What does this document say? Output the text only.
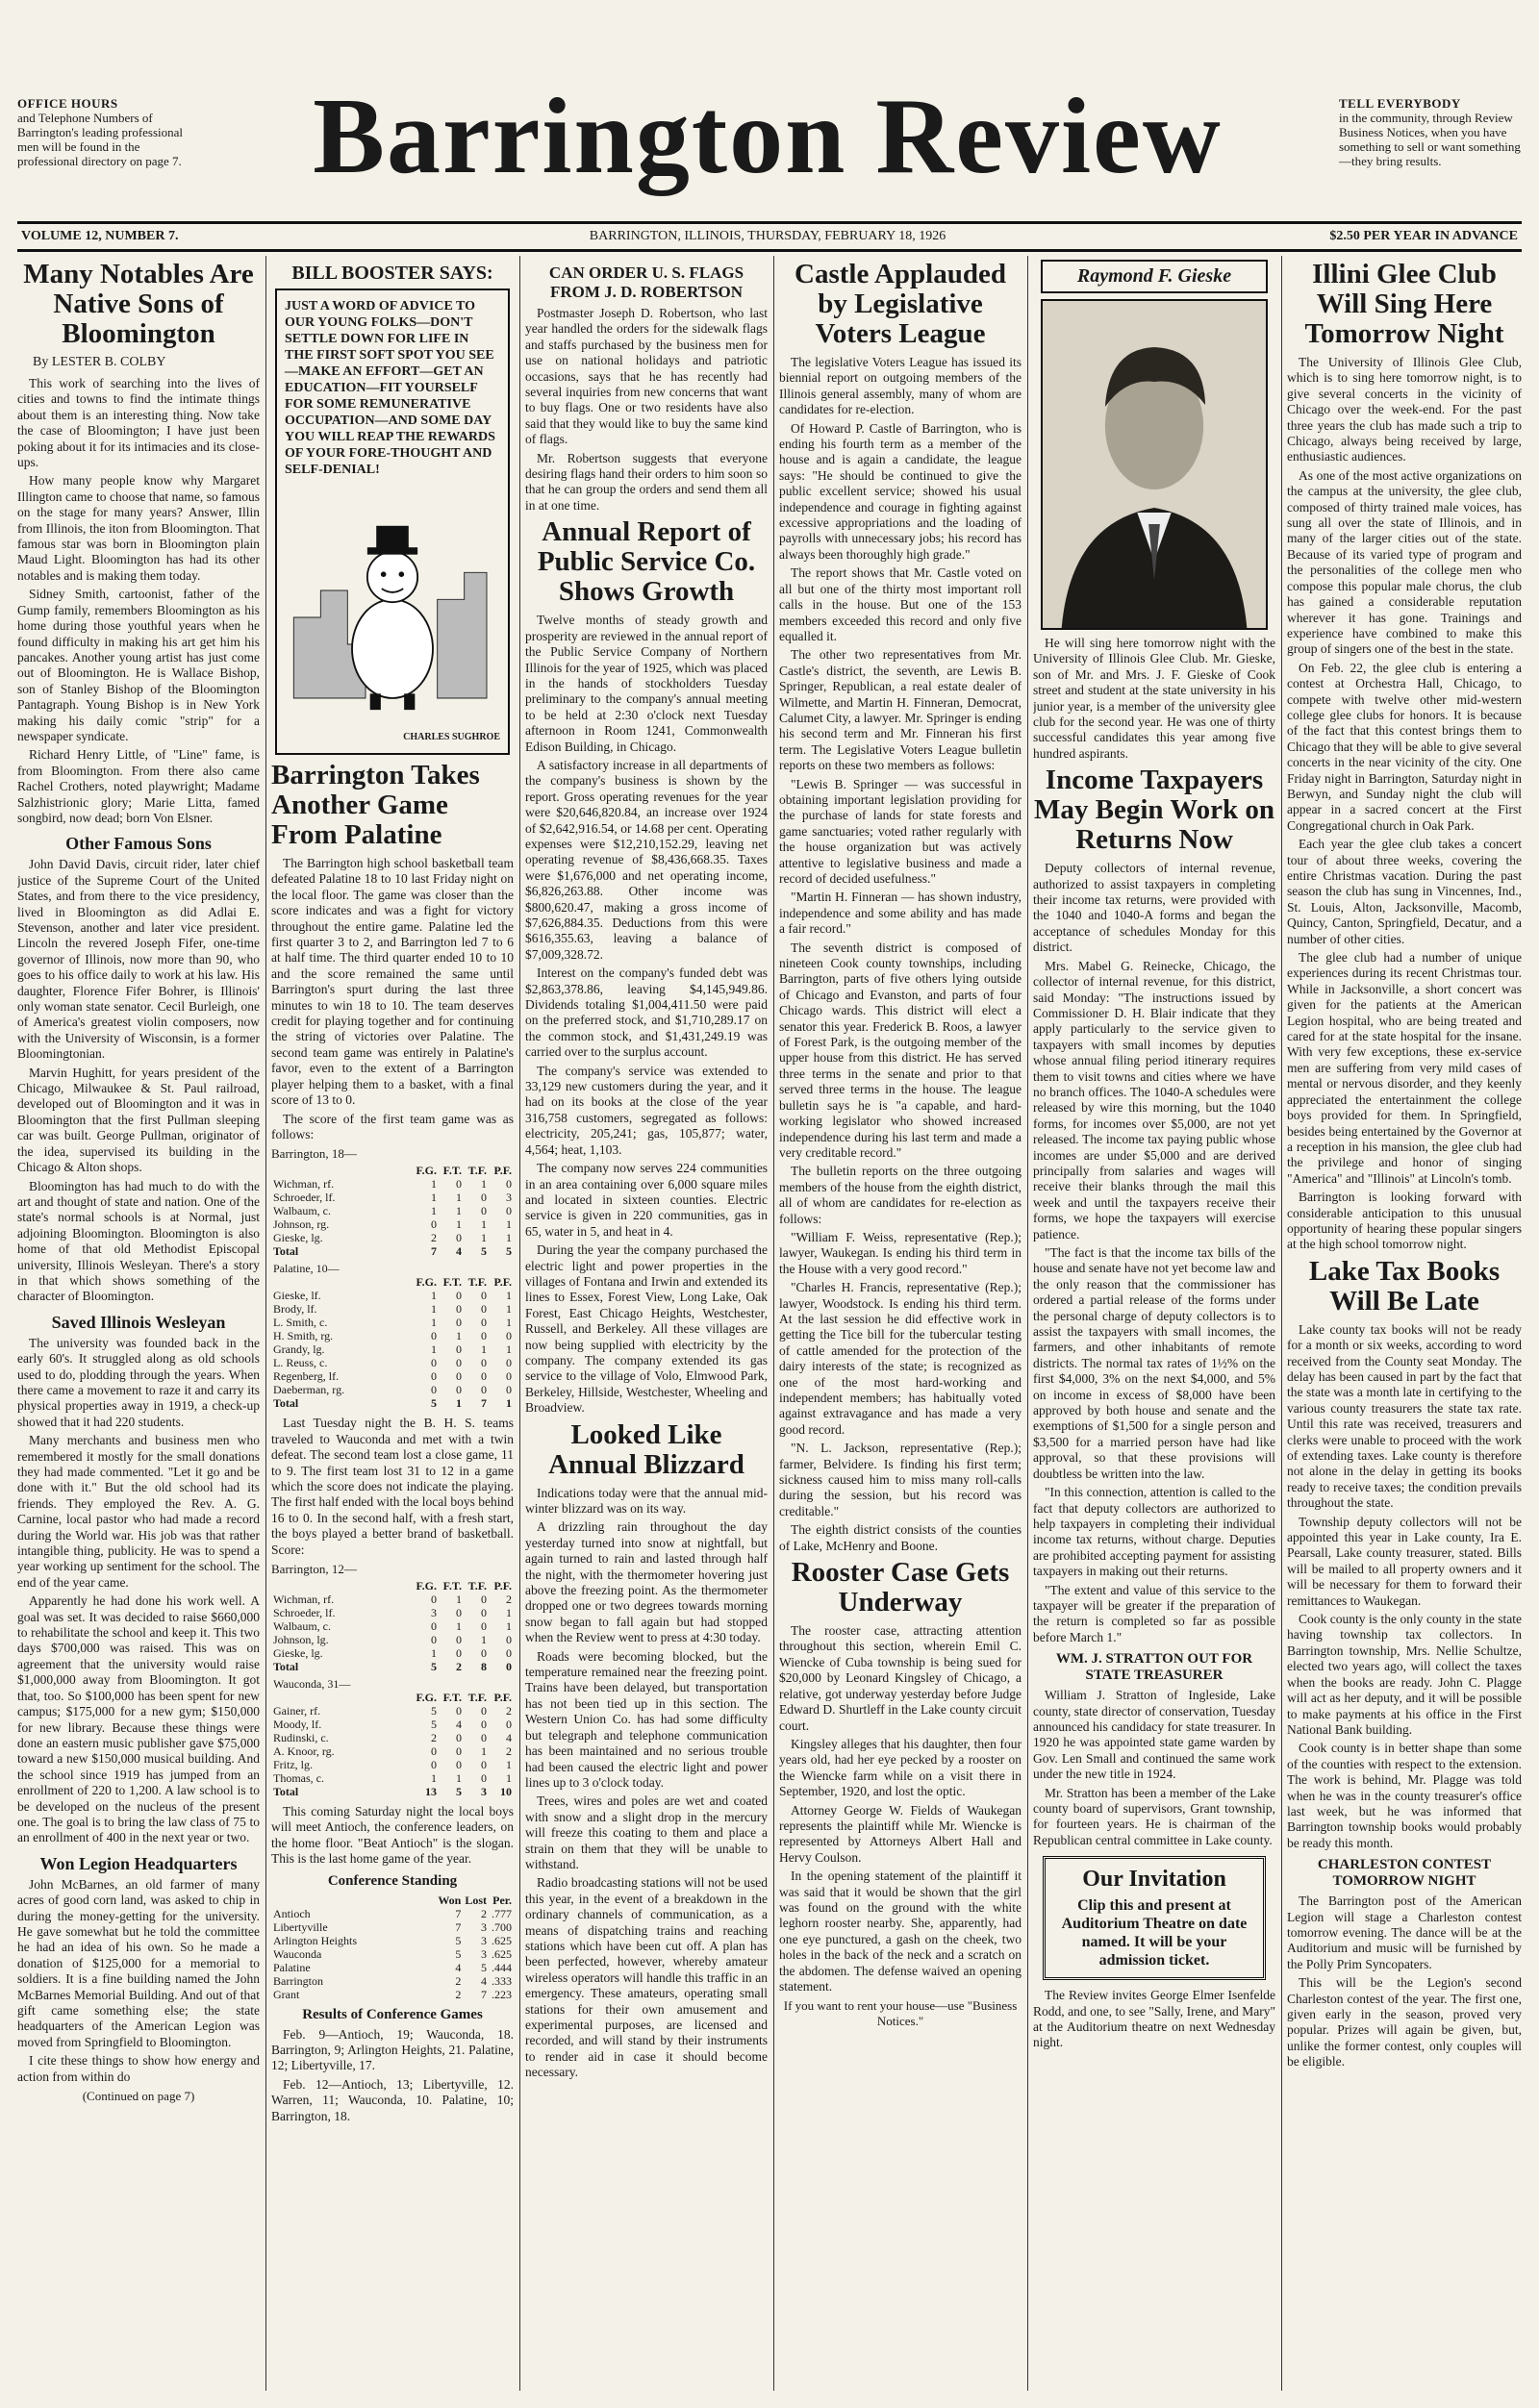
OFFICE HOURS
and Telephone Numbers of Barrington's leading professional men will be found in the professional directory on page 7.	Barrington Review	TELL EVERYBODY
in the community, through Review Business Notices, when you have something to sell or want something—they bring results.
VOLUME 12, NUMBER 7.	BARRINGTON, ILLINOIS, THURSDAY, FEBRUARY 18, 1926	$2.50 PER YEAR IN ADVANCE
Many Notables Are Native Sons of Bloomington
By LESTER B. COLBY

This work of searching into the lives of cities and towns to find the intimate things about them is an interesting thing. Now take the case of Bloomington; I have just been poking about it for its intimacies and its close-ups.

How many people know why Margaret Illington came to choose that name, so famous on the stage for many years? Answer, Illin from Illinois, the iton from Bloomington. That famous star was born in Bloomington plain Maud Light. Bloomington has had its other notables and is making them today.

Sidney Smith, cartoonist, father of the Gump family, remembers Bloomington as his home during those youthful years when he found difficulty in making his art get him his pancakes. Another young artist has just come out of Bloomington. He is Wallace Bishop, son of Stanley Bishop of the Bloomington Pantagraph. Young Bishop is in New York making his daily comic "strip" for a newspaper syndicate.

Richard Henry Little, of "Line" fame, is from Bloomington. From there also came Rachel Crothers, noted playwright; Madame Salzhistrionic glory; Marie Litta, famed songbird, now dead; born Von Elsner.

Other Famous Sons

John David Davis, circuit rider, later chief justice of the Supreme Court of the United States, and from there to the vice presidency, lived in Bloomington as did Adlai E. Stevenson, another and later vice president. Lincoln the revered Joseph Fifer, one-time governor of Illinois, now more than 90, who goes to his office daily to work at his law. His daughter, Florence Fifer Bohrer, is Illinois' only woman state senator. Cecil Burleigh, one of America's greatest violin composers, now with the University of Wisconsin, is a former Bloomingtonian.

Marvin Hughitt, for years president of the Chicago, Milwaukee & St. Paul railroad, developed out of Bloomington and it was in Bloomington that the first Pullman sleeping car was built. George Pullman, originator of the idea, supervised its building in the Chicago & Alton shops.

Bloomington has had much to do with the art and thought of state and nation. One of the state's normal schools is at Normal, just adjoining Bloomington. Bloomington is also home of that old Methodist Episcopal university, Illinois Wesleyan. There's a story in that which shows something of the character of Bloomington.

Saved Illinois Wesleyan

The university was founded back in the early 60's. It struggled along as old schools used to do, plodding through the years. When there came a movement to raze it and carry its physical properties away in 1919, a check-up showed that it had 220 students.

Many merchants and business men who remembered it mostly for the small donations they had made commented. "Let it go and be done with it." But the old school had its friends. They employed the Rev. A. G. Carnine, local pastor who had made a record during the World war. His job was that rather intangible thing, publicity. He was to spend a year working up sentiment for the school. The end of the year came.

Apparently he had done his work well. A goal was set. It was decided to raise $660,000 to rehabilitate the school and keep it. This two days $700,000 was raised. This was on agreement that the university would raise $1,000,000 away from Bloomington. It got that, too. So $100,000 has been spent for new campus; $175,000 for a new gym; $150,000 for new library. Because these things were done an eastern music publisher gave $75,000 toward a new $150,000 musical building. And the school since 1919 has jumped from an enrollment of 220 to 1,200. A law school is to be developed on the nucleus of the present one. The goal is to bring the law class of 75 to an enrollment of 400 in the next year or two.

Won Legion Headquarters

John McBarnes, an old farmer of many acres of good corn land, was asked to chip in during the money-getting for the university. He gave somewhat but he told the committee he had an idea of his own. So he made a donation of $125,000 for a memorial to soldiers. It is a fine building named the John McBarnes Memorial Building. And out of that gift came something else; the state headquarters of the American Legion was moved from Springfield to Bloomington.

I cite these things to show how energy and action from within do

(Continued on page 7)
BILL BOOSTER SAYS:
JUST A WORD OF ADVICE TO OUR YOUNG FOLKS—DON'T SETTLE DOWN FOR LIFE IN THE FIRST SOFT SPOT YOU SEE—MAKE AN EFFORT—GET AN EDUCATION—FIT YOURSELF FOR SOME REMUNERATIVE OCCUPATION—AND SOME DAY YOU WILL REAP THE REWARDS OF YOUR FORE-THOUGHT AND SELF-DENIAL!
CHARLES SUGHROE
Barrington Takes Another Game From Palatine

The Barrington high school basketball team defeated Palatine 18 to 10 last Friday night on the local floor. The game was closer than the score indicates and was a fight for victory throughout the entire game. Palatine led the first quarter 3 to 2, and Barrington led 7 to 6 at half time. The third quarter ended 10 to 10 and the score remained the same until Barrington's spurt during the last three minutes to win 18 to 10. The team deserves credit for playing together and for continuing the string of victories over Palatine. The second team game was entirely in Palatine's favor, even to the extent of a Barrington player helping them to a basket, with a final score of 13 to 0.

The score of the first team game was as follows:

Barrington, 18—
	F.G.	F.T.	T.F.	P.F.
Wichman, rf.	1	0	1	0
Schroeder, lf.	1	1	0	3
Walbaum, c.	1	1	0	0
Johnson, rg.	0	1	1	1
Gieske, lg.	2	0	1	1
Total	7	4	5	5
Palatine, 10—				
	F.G.	F.T.	T.F.	P.F.
Gieske, lf.	1	0	0	1
Brody, lf.	1	0	0	1
L. Smith, c.	1	0	0	1
H. Smith, rg.	0	1	0	0
Grandy, lg.	1	0	1	1
L. Reuss, c.	0	0	0	0
Regenberg, lf.	0	0	0	0
Daeberman, rg.	0	0	0	0
Total	5	1	7	1

Last Tuesday night the B. H. S. teams traveled to Wauconda and met with a twin defeat. The second team lost a close game, 11 to 9. The first team lost 31 to 12 in a game which the score does not indicate the playing. The first half ended with the local boys behind 16 to 0. In the second half, with a fresh start, the boys played a better brand of basketball. Score:

Barrington, 12—
	F.G.	F.T.	T.F.	P.F.
Wichman, rf.	0	1	0	2
Schroeder, lf.	3	0	0	1
Walbaum, c.	0	1	0	1
Johnson, lg.	0	0	1	0
Gieske, lg.	1	0	0	0
Total	5	2	8	0
Wauconda, 31—				
	F.G.	F.T.	T.F.	P.F.
Gainer, rf.	5	0	0	2
Moody, lf.	5	4	0	0
Rudinski, c.	2	0	0	4
A. Knoor, rg.	0	0	1	2
Fritz, lg.	0	0	0	1
Thomas, c.	1	1	0	1
Total	13	5	3	10

This coming Saturday night the local boys will meet Antioch, the conference leaders, on the home floor. "Beat Antioch" is the slogan. This is the last home game of the year.

Conference Standing
	Won	Lost	Per.
Antioch	7	2	.777
Libertyville	7	3	.700
Arlington Heights	5	3	.625
Wauconda	5	3	.625
Palatine	4	5	.444
Barrington	2	4	.333
Grant	2	7	.223
Results of Conference Games

Feb. 9—Antioch, 19; Wauconda, 18. Barrington, 9; Arlington Heights, 21. Palatine, 12; Libertyville, 17.

Feb. 12—Antioch, 13; Libertyville, 12. Warren, 11; Wauconda, 10. Palatine, 10; Barrington, 18.

CAN ORDER U. S. FLAGS FROM J. D. ROBERTSON

Postmaster Joseph D. Robertson, who last year handled the orders for the sidewalk flags and staffs purchased by the business men for use on national holidays and patriotic occasions, says that he has recently had several inquiries from new concerns that want to buy flags. One or two residents have also said that they would like to buy the same kind of flags.

Mr. Robertson suggests that everyone desiring flags hand their orders to him soon so that he can group the orders and send them all in at one time.

Annual Report of Public Service Co. Shows Growth

Twelve months of steady growth and prosperity are reviewed in the annual report of the Public Service Company of Northern Illinois for the year of 1925, which was placed in the hands of stockholders Tuesday preliminary to the company's annual meeting to be held at 2:30 o'clock next Tuesday afternoon in Room 1241, Commonwealth Edison Building, in Chicago.

A satisfactory increase in all departments of the company's business is shown by the report. Gross operating revenues for the year were $20,646,820.84, an increase over 1924 of $2,642,916.54, or 14.68 per cent. Operating expenses were $12,210,152.29, leaving net operating revenue of $8,436,668.35. Taxes were $1,676,000 and net operating income, $6,826,263.88. Other income was $800,620.47, making a gross income of $7,626,884.35. Deductions from this were $616,355.63, leaving a balance of $7,009,328.72.

Interest on the company's funded debt was $2,863,378.86, leaving $4,145,949.86. Dividends totaling $1,004,411.50 were paid on the preferred stock, and $1,710,289.17 on the common stock, and $1,431,249.19 was carried over to the surplus account.

The company's service was extended to 33,129 new customers during the year, and it had on its books at the close of the year 316,758 customers, segregated as follows: electricity, 205,241; gas, 105,877; water, 4,564; heat, 1,103.

The company now serves 224 communities in an area containing over 6,000 square miles and located in sixteen counties. Electric service is given in 220 communities, gas in 65, water in 5, and heat in 4.

During the year the company purchased the electric light and power properties in the villages of Fontana and Irwin and extended its lines to Essex, Forest View, Long Lake, Oak Forest, East Chicago Heights, Westchester, Russell, and Berkeley. All these villages are now being supplied with electricity by the company. The company extended its gas service to the village of Volo, Elmwood Park, Berkeley, Hillside, Westchester, Wheeling and Broadview.

Looked Like Annual Blizzard

Indications today were that the annual mid-winter blizzard was on its way.

A drizzling rain throughout the day yesterday turned into snow at nightfall, but again turned to rain and lasted through half the night, with the thermometer hovering just above the freezing point. As the thermometer dropped one or two degrees towards morning snow began to fall again but had stopped when the Review went to press at 4:30 today.

Roads were becoming blocked, but the temperature remained near the freezing point. Trains have been delayed, but transportation has not been tied up in this section. The Western Union Co. has had some difficulty but telegraph and telephone communication has been maintained and no serious trouble had been caused the electric light and power lines up to 3 o'clock today.

Trees, wires and poles are wet and coated with snow and a slight drop in the mercury will freeze this coating to them and place a strain on them that they will be unable to withstand.

Radio broadcasting stations will not be used this year, in the event of a breakdown in the ordinary channels of communication, as a means of dispatching trains and reaching stations which have been cut off. A plan has been perfected, however, whereby amateur wireless operators will handle this traffic in an emergency. These amateurs, operating small stations for their own amusement and experimental purposes, are licensed and recorded, and will stand by their instruments to render aid in case it should become necessary.

Castle Applauded by Legislative Voters League

The legislative Voters League has issued its biennial report on outgoing members of the Illinois general assembly, many of whom are candidates for re-election.

Of Howard P. Castle of Barrington, who is ending his fourth term as a member of the house and is again a candidate, the league says: "He should be continued to give the public excellent service; showed his usual independence and courage in fighting against excessive appropriations and the loading of payrolls with unnecessary jobs; his record has always been thoroughly high grade."

The report shows that Mr. Castle voted on all but one of the thirty most important roll calls in the house. But one of the 153 members exceeded this record and only five equalled it.

The other two representatives from Mr. Castle's district, the seventh, are Lewis B. Springer, Republican, a real estate dealer of Wilmette, and Martin H. Finneran, Democrat, Calumet City, a lawyer. Mr. Springer is ending his second term and Mr. Finneran his first term. The Legislative Voters League bulletin reports on these two members as follows:

"Lewis B. Springer — was successful in obtaining important legislation providing for the purchase of lands for state forests and game sanctuaries; voted rather regularly with the house organization but was actively attentive to legislative business and made a record of decided usefulness."

"Martin H. Finneran — has shown industry, independence and some ability and has made a fair record."

The seventh district is composed of nineteen Cook county townships, including Barrington, parts of five others lying outside of Chicago and Evanston, and parts of four Chicago wards. This district will elect a senator this year. Frederick B. Roos, a lawyer of Forest Park, is the outgoing member of the upper house from this district. He has served three terms in the senate and prior to that served three terms in the house. The league bulletin says he is "a capable, and hard-working legislator who showed increased independence during his last term and made a very creditable record."

The bulletin reports on the three outgoing members of the house from the eighth district, all of whom are candidates for re-election as follows:

"William F. Weiss, representative (Rep.); lawyer, Waukegan. Is ending his third term in the House with a very good record."

"Charles H. Francis, representative (Rep.); lawyer, Woodstock. Is ending his third term. At the last session he did effective work in getting the Tice bill for the tubercular testing of cattle amended for the protection of the dairy interests of the state; is recognized as one of the most hard-working and independent members; has habitually voted against extravagance and has made a very good record.

"N. L. Jackson, representative (Rep.); farmer, Belvidere. Is finding his first term; sickness caused him to miss many roll-calls during the session, but his record was creditable."

The eighth district consists of the counties of Lake, McHenry and Boone.

Rooster Case Gets Underway

The rooster case, attracting attention throughout this section, wherein Emil C. Wiencke of Cuba township is being sued for $20,000 by Leonard Kingsley of Chicago, a relative, got underway yesterday before Judge Edward D. Shurtleff in the Lake county circuit court.

Kingsley alleges that his daughter, then four years old, had her eye pecked by a rooster on the Wiencke farm while on a visit there in September, 1920, and lost the optic.

Attorney George W. Fields of Waukegan represents the plaintiff while Mr. Wiencke is represented by Attorneys Albert Hall and Hervy Coulson.

In the opening statement of the plaintiff it was said that it would be shown that the girl was found on the ground with the white leghorn rooster nearby. She, apparently, had one eye punctured, a gash on the cheek, two holes in the back of the neck and a scratch on the abdomen. The defense waived an opening statement.

If you want to rent your house—use "Business Notices."
Raymond F. Gieske

He will sing here tomorrow night with the University of Illinois Glee Club. Mr. Gieske, son of Mr. and Mrs. J. F. Gieske of Cook street and student at the state university in his junior year, is a member of the university glee club for the second year. He was one of thirty successful candidates this year among five hundred aspirants.

Income Taxpayers May Begin Work on Returns Now

Deputy collectors of internal revenue, authorized to assist taxpayers in completing their income tax returns, were provided with the 1040 and 1040-A forms and began the acceptance of schedules Monday for this district.

Mrs. Mabel G. Reinecke, Chicago, the collector of internal revenue, for this district, said Monday: "The instructions issued by Commissioner D. H. Blair indicate that they apply particularly to the service given to taxpayers with small incomes by deputies whose annual filing period itinerary requires them to visit towns and cities where we have no branch offices. The 1040-A schedules were released by wire this morning, but the 1040 forms, for incomes over $5,000, are not yet released. The income tax paying public whose incomes are under $5,000 and are derived principally from salaries and wages will receive their blanks through the mail this week and until the taxpayers receive their forms, we hope the taxpayers will exercise patience.

"The fact is that the income tax bills of the house and senate have not yet become law and the only reason that the commissioner has ordered a partial release of the forms under the personal charge of deputy collectors is to assist the taxpayers with small incomes, the farmers, and other inhabitants of remote districts. The normal tax rates of 1½% on the first $4,000, 3% on the next $4,000, and 5% on income in excess of $8,000 have been approved by both house and senate and the exemptions of $1,500 for a single person and $3,500 for a married person have had like approval, so that these provisions will doubtless be written into the law.

"In this connection, attention is called to the fact that deputy collectors are authorized to help taxpayers in completing their individual income tax returns, without charge. Deputies are prohibited accepting payment for assisting taxpayers in making out their returns.

"The extent and value of this service to the taxpayer will be greater if the preparation of the return is completed so far as possible before March 1."

WM. J. STRATTON OUT FOR STATE TREASURER

William J. Stratton of Ingleside, Lake county, state director of conservation, Tuesday announced his candidacy for state treasurer. In 1920 he was appointed state game warden by Gov. Len Small and continued the same work under the new title in 1924.

Mr. Stratton has been a member of the Lake county board of supervisors, Grant township, for fourteen years. He is chairman of the Republican central committee in Lake county.

Our Invitation
Clip this and present at Auditorium Theatre on date named. It will be your admission ticket.

The Review invites George Elmer Isenfelde Rodd, and one, to see "Sally, Irene, and Mary" at the Auditorium theatre on next Wednesday night.

Illini Glee Club Will Sing Here Tomorrow Night

The University of Illinois Glee Club, which is to sing here tomorrow night, is to give several concerts in the vicinity of Chicago over the week-end. For the past three years the club has made such a trip to Chicago, always being received by large, enthusiastic audiences.

As one of the most active organizations on the campus at the university, the glee club, composed of thirty trained male voices, has sung all over the state of Illinois, and in many of the larger cities out of the state. Because of its varied type of program and the personalities of the college men who compose this popular male chorus, the club has gained a considerable reputation wherever it has gone. Trainings and experience have combined to make this group of singers one of the best in the state.

On Feb. 22, the glee club is entering a contest at Orchestra Hall, Chicago, to compete with twelve other mid-western college glee clubs for honors. It is because of the fact that this contest brings them to Chicago that they will be able to give several concerts in the near vicinity of the city. One Friday night in Barrington, Saturday night in Berwyn, and Sunday night the club will appear in a sacred concert at the First Congregational church in Oak Park.

Each year the glee club takes a concert tour of about three weeks, covering the entire Christmas vacation. During the past season the club has sung in Vincennes, Ind., St. Louis, Alton, Jacksonville, Macomb, Quincy, Canton, Springfield, Decatur, and a number of other cities.

The glee club had a number of unique experiences during its recent Christmas tour. While in Jacksonville, a short concert was given for the patients at the American Legion hospital, who are being treated and cared for at the state hospital for the insane. With very few exceptions, these ex-service men are suffering from very mild cases of mental or nervous disorder, and they keenly appreciated the entertainment the college boys provided for them. In Springfield, besides being entertained by the Governor at a reception in his mansion, the glee club had the privilege and honor of singing "America" and "Illinois" at Lincoln's tomb.

Barrington is looking forward with considerable anticipation to this unusual opportunity of hearing these popular singers at the high school tomorrow night.

Lake Tax Books Will Be Late

Lake county tax books will not be ready for a month or six weeks, according to word received from the County seat Monday. The delay has been caused in part by the fact that the state was a month late in certifying to the various county treasurers the state tax rate. Until this rate was received, treasurers and clerks were unable to proceed with the work of extending taxes. Lake county is therefore not alone in the delay in getting its books ready to receive taxes; the condition prevails throughout the state.

Township deputy collectors will not be appointed this year in Lake county, Ira E. Pearsall, Lake county treasurer, stated. Bills will be mailed to all property owners and it will be necessary for them to forward their remittances to Waukegan.

Cook county is the only county in the state having township tax collectors. In Barrington township, Mrs. Nellie Schultze, elected two years ago, will collect the taxes when the books are ready. John C. Plagge will act as her deputy, and it will be possible to make payments at his office in the First National Bank building.

Cook county is in better shape than some of the counties with respect to the extension. The work is behind, Mr. Plagge was told when he was in the county treasurer's office last week, but he was informed that Barrington township books would probably be ready this month.

CHARLESTON CONTEST TOMORROW NIGHT

The Barrington post of the American Legion will stage a Charleston contest tomorrow evening. The dance will be at the Auditorium and music will be furnished by the Polly Prim Syncopaters.

This will be the Legion's second Charleston contest of the year. The first one, given early in the season, proved very popular. Prizes will again be given, but, unlike the former contest, only couples will be eligible.
